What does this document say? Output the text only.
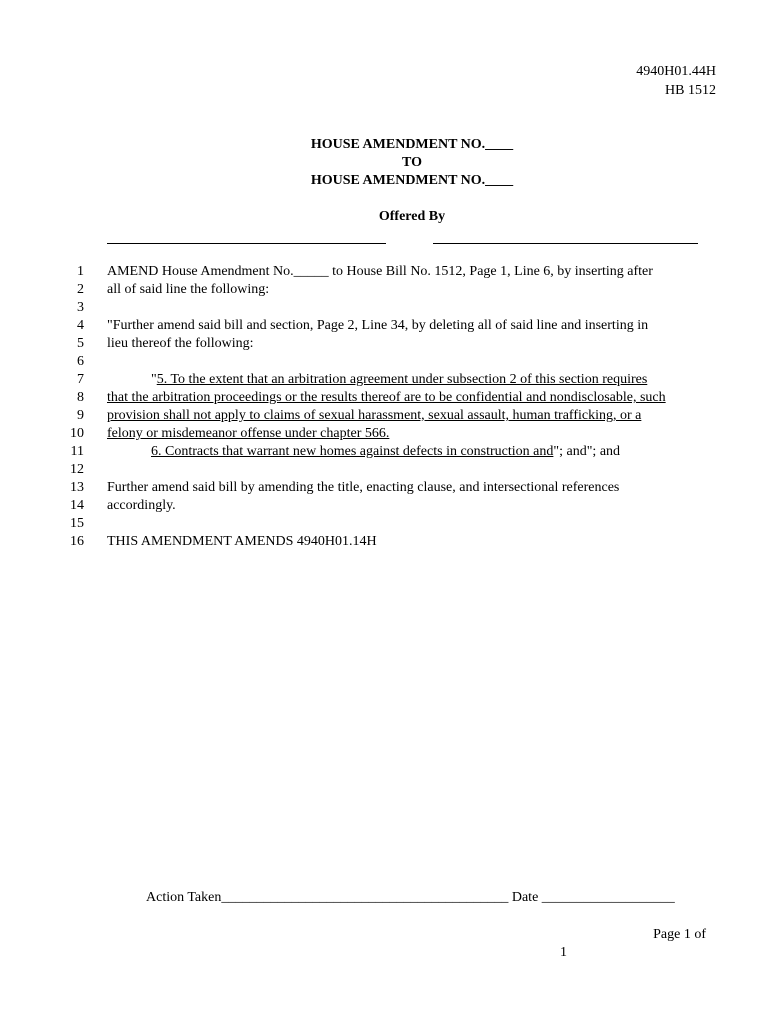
4940H01.44H
HB 1512
HOUSE AMENDMENT NO.____
TO
HOUSE AMENDMENT NO.____
Offered By
1 AMEND House Amendment No._____ to House Bill No. 1512, Page 1, Line 6, by inserting after
2 all of said line the following:
3
4 "Further amend said bill and section, Page 2, Line 34, by deleting all of said line and inserting in
5 lieu thereof the following:
6
7	"5. To the extent that an arbitration agreement under subsection 2 of this section requires
8 that the arbitration proceedings or the results thereof are to be confidential and nondisclosable, such
9 provision shall not apply to claims of sexual harassment, sexual assault, human trafficking, or a
10 felony or misdemeanor offense under chapter 566.
11	6. Contracts that warrant new homes against defects in construction and"; and"; and
12
13 Further amend said bill by amending the title, enacting clause, and intersectional references
14 accordingly.
15
16 THIS AMENDMENT AMENDS 4940H01.14H
Action Taken_________________________________________ Date ___________________
Page 1 of
1
